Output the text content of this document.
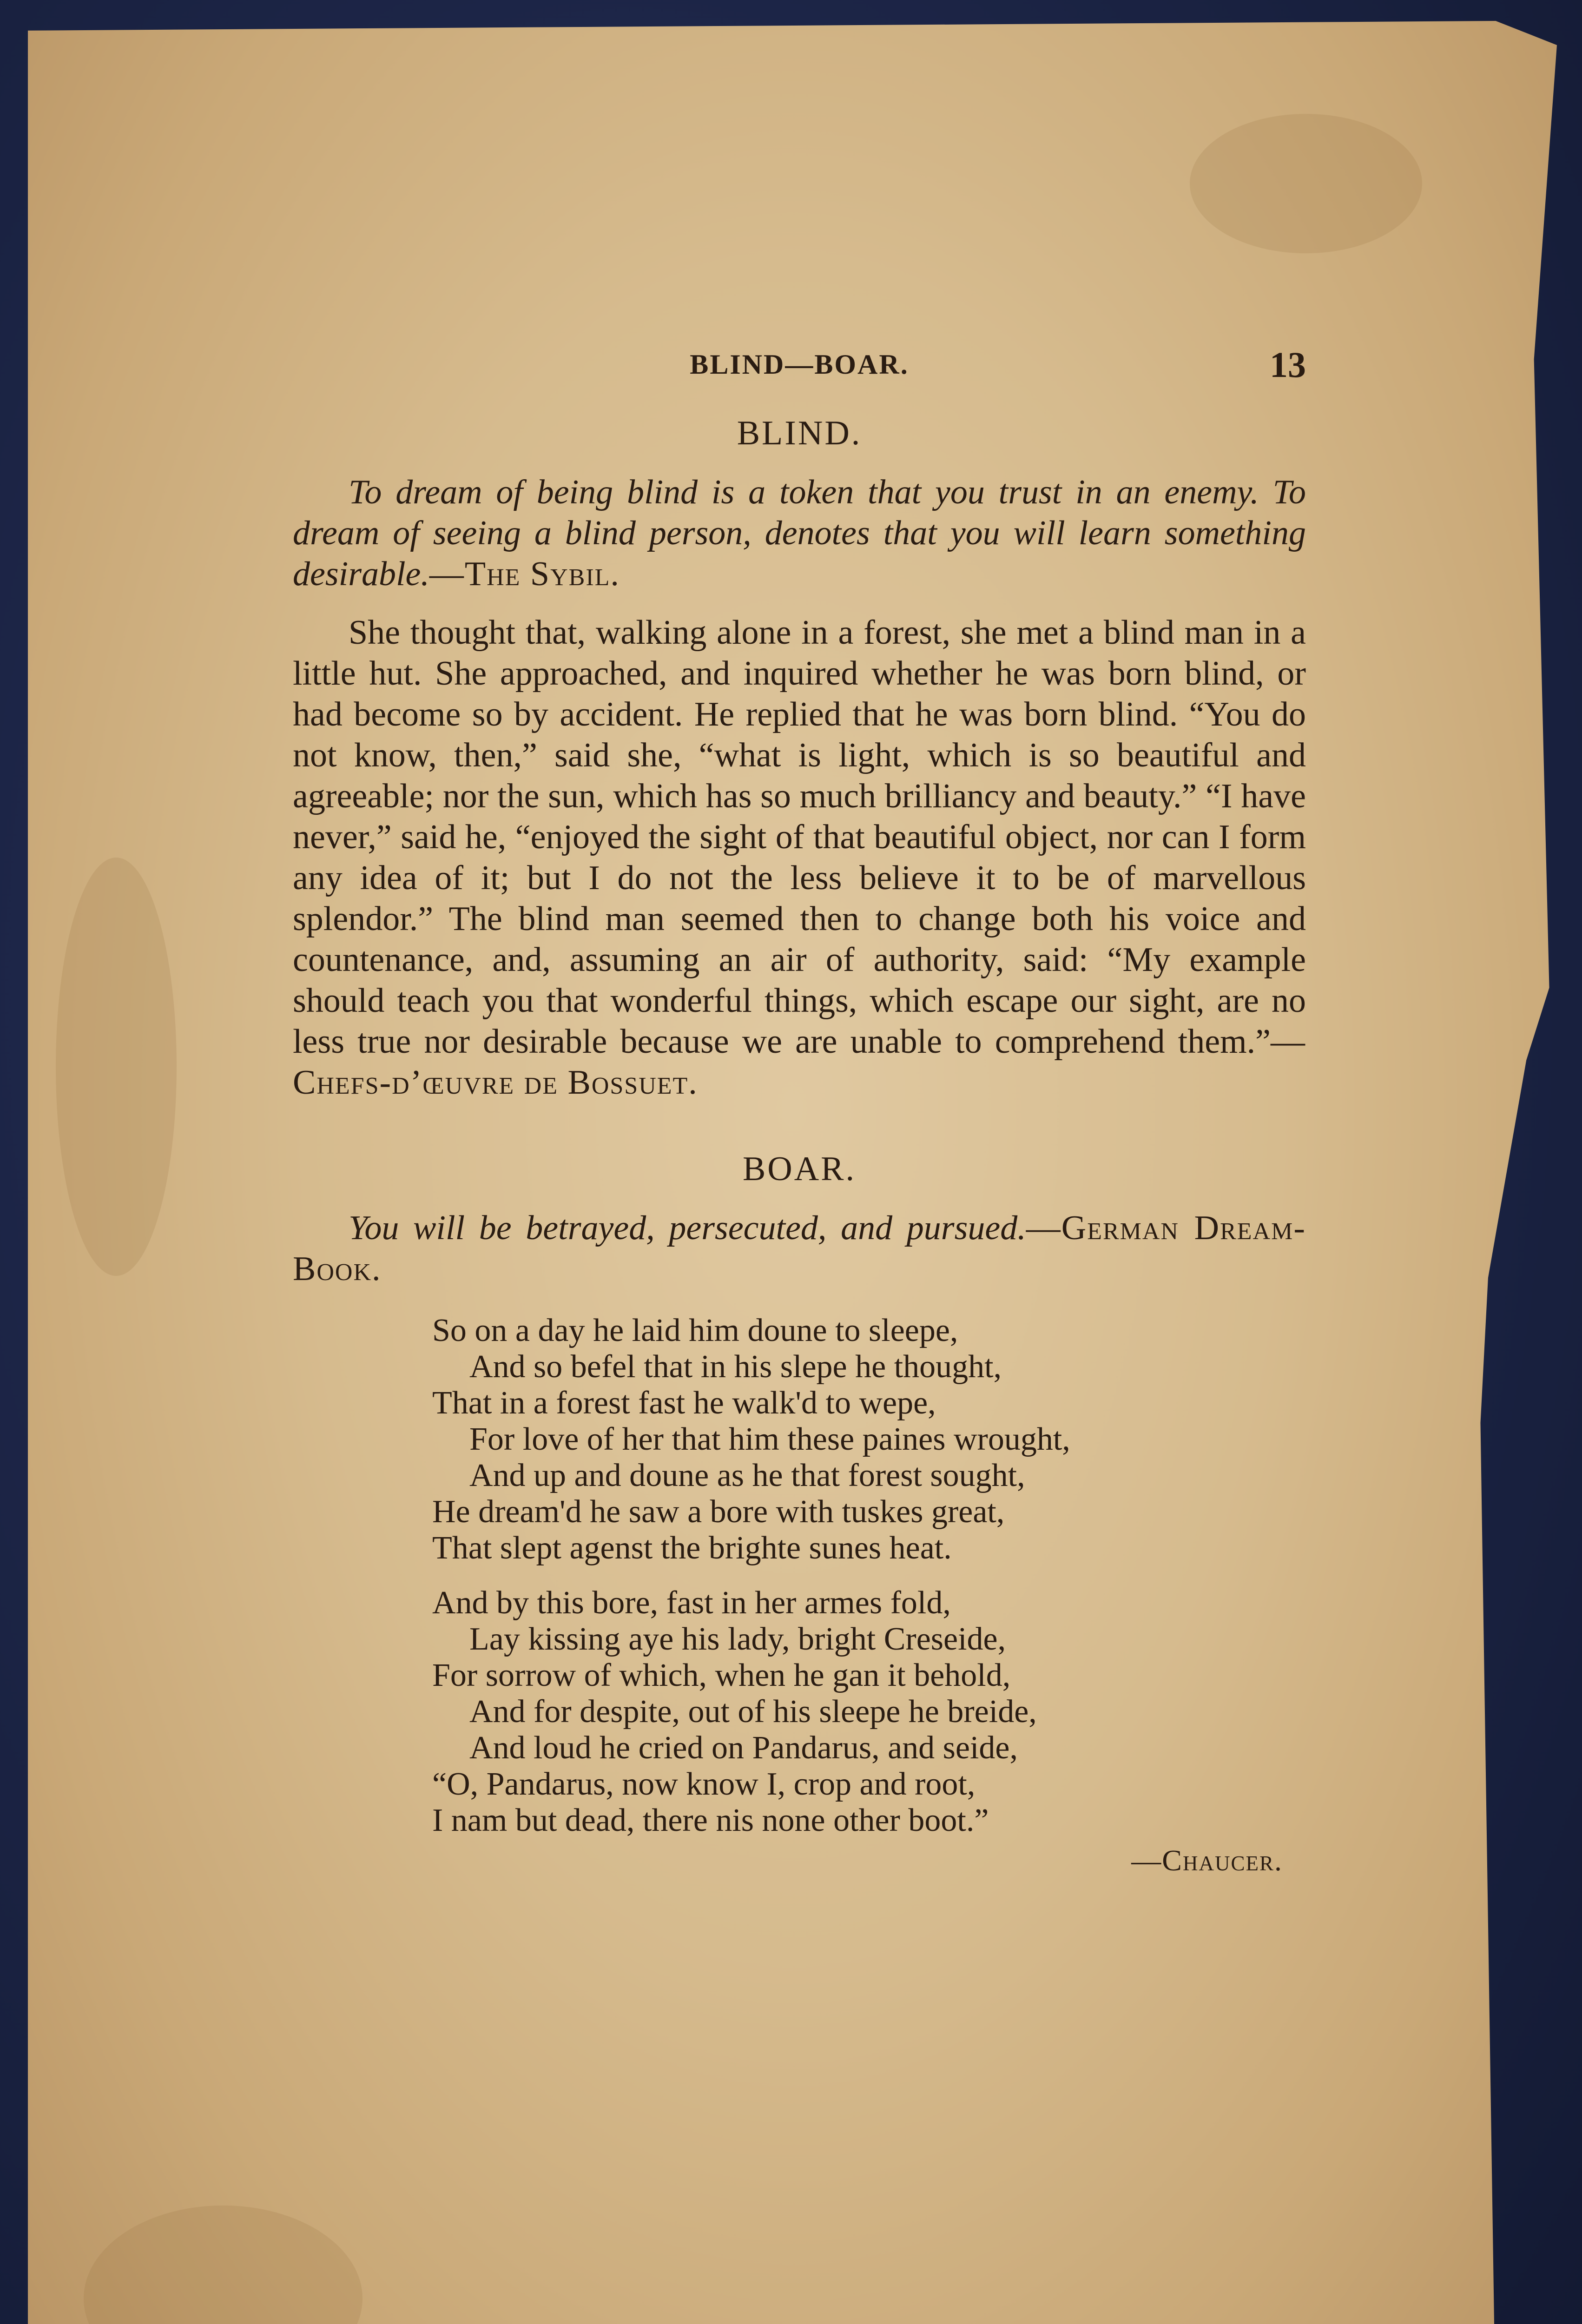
BLIND—BOAR.	13
BLIND.

To dream of being blind is a token that you trust in an enemy. To dream of seeing a blind person, denotes that you will learn something desirable.—The Sybil.

She thought that, walking alone in a forest, she met a blind man in a little hut. She approached, and inquired whether he was born blind, or had become so by accident. He replied that he was born blind. “You do not know, then,” said she, “what is light, which is so beautiful and agreeable; nor the sun, which has so much brilliancy and beauty.” “I have never,” said he, “enjoyed the sight of that beautiful object, nor can I form any idea of it; but I do not the less believe it to be of marvellous splendor.” The blind man seemed then to change both his voice and countenance, and, assuming an air of authority, said: “My example should teach you that wonderful things, which escape our sight, are no less true nor desirable because we are unable to comprehend them.”—Chefs-d’œuvre de Bossuet.

BOAR.

You will be betrayed, persecuted, and pursued.—German Dream-Book.

So on a day he laid him doune to sleepe,
And so befel that in his slepe he thought,
That in a forest fast he walk'd to wepe,
For love of her that him these paines wrought,
And up and doune as he that forest sought,
He dream'd he saw a bore with tuskes great,
That slept agenst the brighte sunes heat.
And by this bore, fast in her armes fold,
Lay kissing aye his lady, bright Creseide,
For sorrow of which, when he gan it behold,
And for despite, out of his sleepe he breide,
And loud he cried on Pandarus, and seide,
“O, Pandarus, now know I, crop and root,
I nam but dead, there nis none other boot.”
—Chaucer.
